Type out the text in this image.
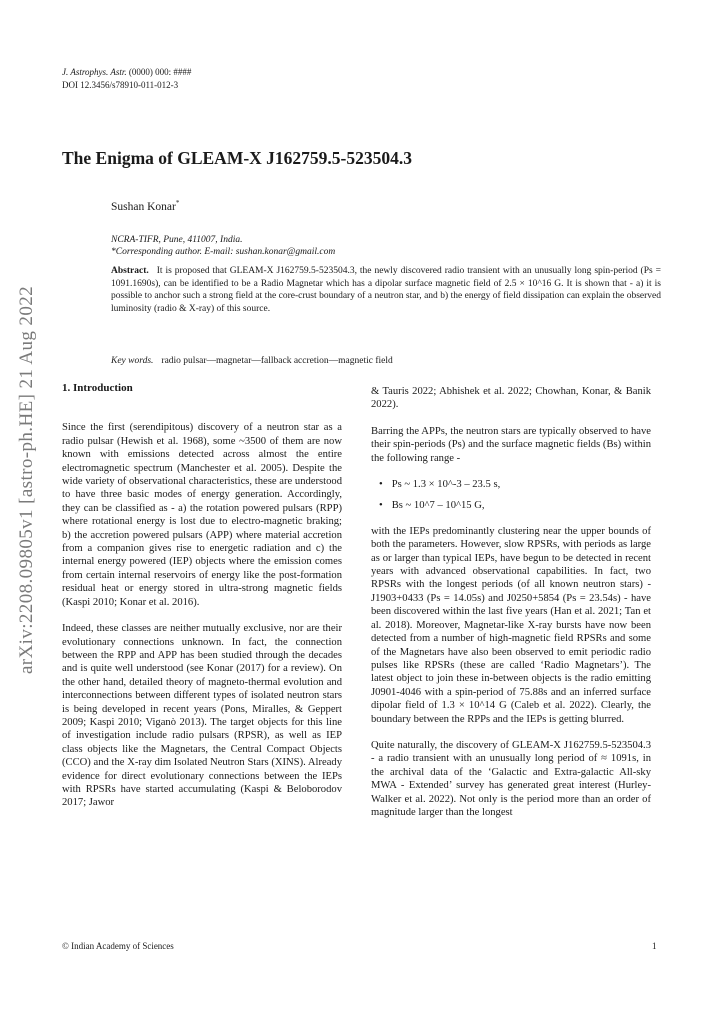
J. Astrophys. Astr. (0000) 000: ####
DOI 12.3456/s78910-011-012-3
The Enigma of GLEAM-X J162759.5-523504.3
Sushan Konar*
NCRA-TIFR, Pune, 411007, India.
*Corresponding author. E-mail: sushan.konar@gmail.com
Abstract. It is proposed that GLEAM-X J162759.5-523504.3, the newly discovered radio transient with an unusually long spin-period (Ps = 1091.1690s), can be identified to be a Radio Magnetar which has a dipolar surface magnetic field of 2.5 × 10^16 G. It is shown that - a) it is possible to anchor such a strong field at the core-crust boundary of a neutron star, and b) the energy of field dissipation can explain the observed luminosity (radio & X-ray) of this source.
Key words. radio pulsar—magnetar—fallback accretion—magnetic field
1. Introduction

Since the first (serendipitous) discovery of a neutron star as a radio pulsar (Hewish et al. 1968), some ~3500 of them are now known with emissions detected across almost the entire electromagnetic spectrum (Manchester et al. 2005). Despite the wide variety of observational characteristics, these are understood to have three basic modes of energy generation. Accordingly, they can be classified as - a) the rotation powered pulsars (RPP) where rotational energy is lost due to electro-magnetic braking; b) the accretion powered pulsars (APP) where material accretion from a companion gives rise to energetic radiation and c) the internal energy powered (IEP) objects where the emission comes from certain internal reservoirs of energy like the post-formation residual heat or energy stored in ultra-strong magnetic fields (Kaspi 2010; Konar et al. 2016).

Indeed, these classes are neither mutually exclusive, nor are their evolutionary connections unknown. In fact, the connection between the RPP and APP has been studied through the decades and is quite well understood (see Konar (2017) for a review). On the other hand, detailed theory of magneto-thermal evolution and interconnections between different types of isolated neutron stars is being developed in recent years (Pons, Miralles, & Geppert 2009; Kaspi 2010; Viganò 2013). The target objects for this line of investigation include radio pulsars (RPSR), as well as IEP class objects like the Magnetars, the Central Compact Objects (CCO) and the X-ray dim Isolated Neutron Stars (XINS). Already evidence for direct evolutionary connections between the IEPs with RPSRs have started accumulating (Kaspi & Beloborodov 2017; Jawor

& Tauris 2022; Abhishek et al. 2022; Chowhan, Konar, & Banik 2022).

Barring the APPs, the neutron stars are typically observed to have their spin-periods (Ps) and the surface magnetic fields (Bs) within the following range -

• Ps ~ 1.3 × 10^-3 – 23.5 s,
• Bs ~ 10^7 – 10^15 G,

with the IEPs predominantly clustering near the upper bounds of both the parameters. However, slow RPSRs, with periods as large as or larger than typical IEPs, have begun to be detected in recent years with advanced observational capabilities. In fact, two RPSRs with the longest periods (of all known neutron stars) - J1903+0433 (Ps = 14.05s) and J0250+5854 (Ps = 23.54s) - have been discovered within the last five years (Han et al. 2021; Tan et al. 2018). Moreover, Magnetar-like X-ray bursts have now been detected from a number of high-magnetic field RPSRs and some of the Magnetars have also been observed to emit periodic radio pulses like RPSRs (these are called ‘Radio Magnetars’). The latest object to join these in-between objects is the radio emitting J0901-4046 with a spin-period of 75.88s and an inferred surface dipolar field of 1.3 × 10^14 G (Caleb et al. 2022). Clearly, the boundary between the RPPs and the IEPs is getting blurred.

Quite naturally, the discovery of GLEAM-X J162759.5-523504.3 - a radio transient with an unusually long period of ≈ 1091s, in the archival data of the ‘Galactic and Extra-galactic All-sky MWA - Extended’ survey has generated great interest (Hurley-Walker et al. 2022). Not only is the period more than an order of magnitude larger than the longest

© Indian Academy of Sciences	1
arXiv:2208.09805v1 [astro-ph.HE] 21 Aug 2022
